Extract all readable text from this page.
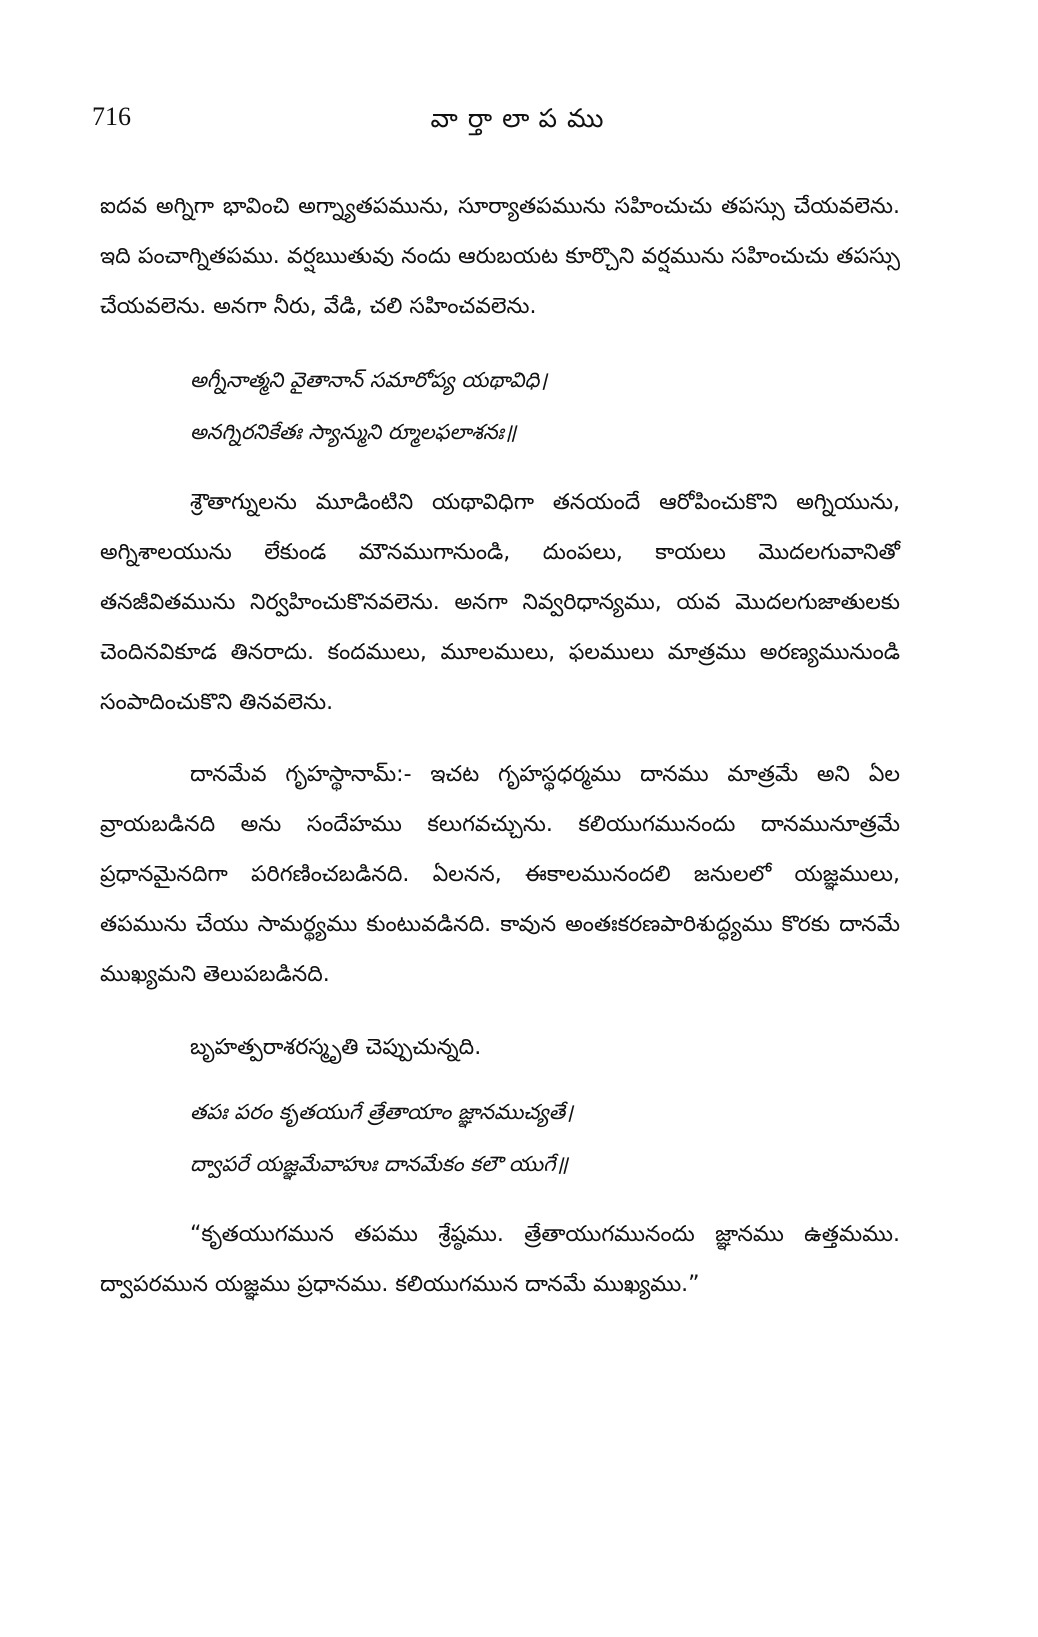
716	వార్తాలాపము

ఐదవ అగ్నిగా భావించి అగ్న్యాతపమును, సూర్యాతపమును సహించుచు తపస్సు చేయవలెను. ఇది పంచాగ్నితపము. వర్షఋతువు నందు ఆరుబయట కూర్చొని వర్షమును సహించుచు తపస్సు చేయవలెను. అనగా నీరు, వేడి, చలి సహించవలెను.

అగ్నీనాత్మని వైతానాన్ సమారోప్య యథావిధి।
అనగ్నిరనికేతః స్యాన్ముని ర్మూలఫలాశనః॥

శ్రౌతాగ్నులను మూడింటిని యథావిధిగా తనయందే ఆరోపించుకొని అగ్నియును, అగ్నిశాలయును లేకుండ మౌనముగానుండి, దుంపలు, కాయలు మొదలగువానితో తనజీవితమును నిర్వహించుకొనవలెను. అనగా నివ్వరిధాన్యము, యవ మొదలగుజాతులకు చెందినవికూడ తినరాదు. కందములు, మూలములు, ఫలములు మాత్రము అరణ్యమునుండి సంపాదించుకొని తినవలెను.

దానమేవ గృహస్థానామ్:- ఇచట గృహస్థధర్మము దానము మాత్రమే అని ఏల వ్రాయబడినది అను సందేహము కలుగవచ్చును. కలియుగమునందు దానమునూత్రమే ప్రధానమైనదిగా పరిగణించబడినది. ఏలనన, ఈకాలమునందలి జనులలో యజ్ఞములు, తపమును చేయు సామర్థ్యము కుంటువడినది. కావున అంతఃకరణపారిశుద్ధ్యము కొరకు దానమే ముఖ్యమని తెలుపబడినది.

బృహత్పరాశరస్మృతి చెప్పుచున్నది.

తపః పరం కృతయుగే త్రేతాయాం జ్ఞానముచ్యతే।
ద్వాపరే యజ్ఞమేవాహుః దానమేకం కలౌ యుగే॥

“కృతయుగమున తపము శ్రేష్ఠము. త్రేతాయుగమునందు జ్ఞానము ఉత్తమము. ద్వాపరమున యజ్ఞము ప్రధానము. కలియుగమున దానమే ముఖ్యము.”
